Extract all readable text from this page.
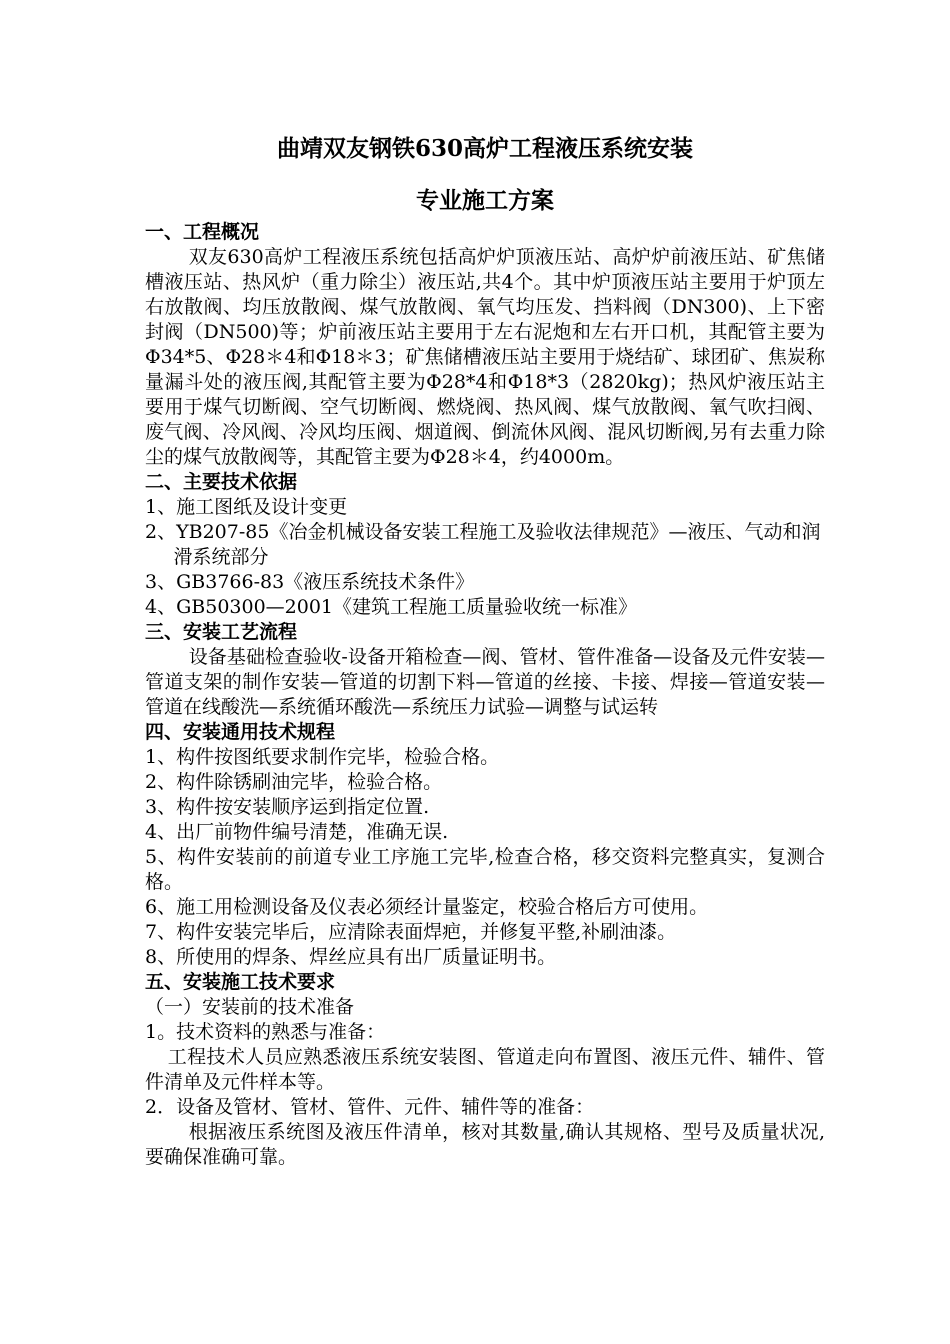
曲靖双友钢铁630高炉工程液压系统安装

专业施工方案

一、工程概况

双友630高炉工程液压系统包括高炉炉顶液压站、高炉炉前液压站、矿焦储槽液压站、热风炉（重力除尘）液压站,共4个。其中炉顶液压站主要用于炉顶左右放散阀、均压放散阀、煤气放散阀、氧气均压发、挡料阀（DN300)、上下密封阀（DN500)等；炉前液压站主要用于左右泥炮和左右开口机，其配管主要为Φ34*5、Φ28＊4和Φ18＊3；矿焦储槽液压站主要用于烧结矿、球团矿、焦炭称量漏斗处的液压阀,其配管主要为Φ28*4和Φ18*3（2820kg)；热风炉液压站主要用于煤气切断阀、空气切断阀、燃烧阀、热风阀、煤气放散阀、氧气吹扫阀、废气阀、冷风阀、冷风均压阀、烟道阀、倒流休风阀、混风切断阀,另有去重力除尘的煤气放散阀等，其配管主要为Φ28＊4，约4000m。

二、主要技术依据

1、施工图纸及设计变更

2、YB207-85《冶金机械设备安装工程施工及验收法律规范》—液压、气动和润滑系统部分

3、GB3766-83《液压系统技术条件》

4、GB50300—2001《建筑工程施工质量验收统一标准》

三、安装工艺流程

设备基础检查验收-设备开箱检查—阀、管材、管件准备—设备及元件安装—管道支架的制作安装—管道的切割下料—管道的丝接、卡接、焊接—管道安装—管道在线酸洗—系统循环酸洗—系统压力试验—调整与试运转

四、安装通用技术规程

1、构件按图纸要求制作完毕，检验合格。

2、构件除锈刷油完毕，检验合格。

3、构件按安装顺序运到指定位置.

4、出厂前物件编号清楚，准确无误.

5、构件安装前的前道专业工序施工完毕,检查合格，移交资料完整真实，复测合格。

6、施工用检测设备及仪表必须经计量鉴定，校验合格后方可使用。

7、构件安装完毕后，应清除表面焊疤，并修复平整,补刷油漆。

8、所使用的焊条、焊丝应具有出厂质量证明书。

五、安装施工技术要求

（一）安装前的技术准备

1。技术资料的熟悉与准备：

工程技术人员应熟悉液压系统安装图、管道走向布置图、液压元件、辅件、管件清单及元件样本等。

2．设备及管材、管材、管件、元件、辅件等的准备：

根据液压系统图及液压件清单，核对其数量,确认其规格、型号及质量状况,要确保准确可靠。
